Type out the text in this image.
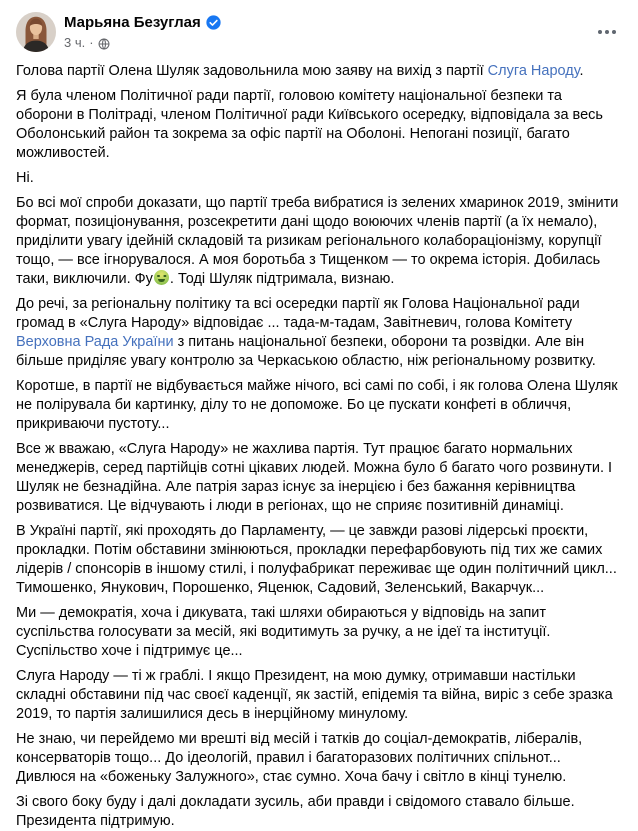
Марьяна Безуглая
3 ч. ·
Голова партії Олена Шуляк задовольнила мою заяву на вихід з партії Слуга Народу.
Я була членом Політичної ради партії, головою комітету національної безпеки та оборони в Політраді, членом Політичної ради Київського осередку, відповідала за весь Оболонський район та зокрема за офіс партії на Оболоні. Непогані позиції, багато можливостей.
Ні.
Бо всі мої спроби доказати, що партії треба вибратися із зелених хмаринок 2019, змінити формат, позиціонування, розсекретити дані щодо воюючих членів партії (а їх немало), приділити увагу ідейній складовій та ризикам регіонального колабораціонізму, корупції тощо, — все ігнорувалося. А моя боротьба з Тищенком — то окрема історія. Добилась таки, виключили. Фу . Тоді Шуляк підтримала, визнаю.
До речі, за регіональну політику та всі осередки партії як Голова Національної ради громад в «Слуга Народу» відповідає ... тада-м-тадам, Завітневич, голова Комітету Верховна Рада України з питань національної безпеки, оборони та розвідки. Але він більше приділяє увагу контролю за Черкаською областю, ніж регіональному розвитку.
Коротше, в партії не відбувається майже нічого, всі самі по собі, і як голова Олена Шуляк не полірувала би картинку, ділу то не допоможе. Бо це пускати конфеті в обличчя, прикриваючи пустоту...
Все ж вважаю, «Слуга Народу» не жахлива партія. Тут працює багато нормальних менеджерів, серед партійців сотні цікавих людей. Можна було б багато чого розвинути. І Шуляк не безнадійна. Але патрія зараз існує за інерцією і без бажання керівництва розвиватися. Це відчувають і люди в регіонах, що не сприяє позитивній динаміці.
В Україні партії, які проходять до Парламенту, — це завжди разові лідерські проєкти, прокладки. Потім обставини змінюються, прокладки перефарбовують під тих же самих лідерів / спонсорів в іншому стилі, і полуфабрикат переживає ще один політичний цикл...
Тимошенко, Янукович, Порошенко, Яценюк, Садовий, Зеленський, Вакарчук...
Ми — демократія, хоча і дикувата, такі шляхи обираються у відповідь на запит суспільства голосувати за месій, які водитимуть за ручку, а не ідеї та інституції.
Суспільство хоче і підтримує це...
Слуга Народу — ті ж граблі. І якщо Президент, на мою думку, отримавши настільки складні обставини під час своєї каденції, як застій, епідемія та війна, виріс з себе зразка 2019, то партія залишилися десь в інерційному минулому.
Не знаю, чи перейдемо ми врешті від месій і татків до соціал-демократів, лібералів, консерваторів тощо... До ідеологій, правил і багаторазових політичних спільнот... Дивлюся на «боженьку Залужного», стає сумно. Хоча бачу і світло в кінці тунелю.
Зі свого боку буду і далі докладати зусиль, аби правди і свідомого ставало більше.
Президента підтримую.
